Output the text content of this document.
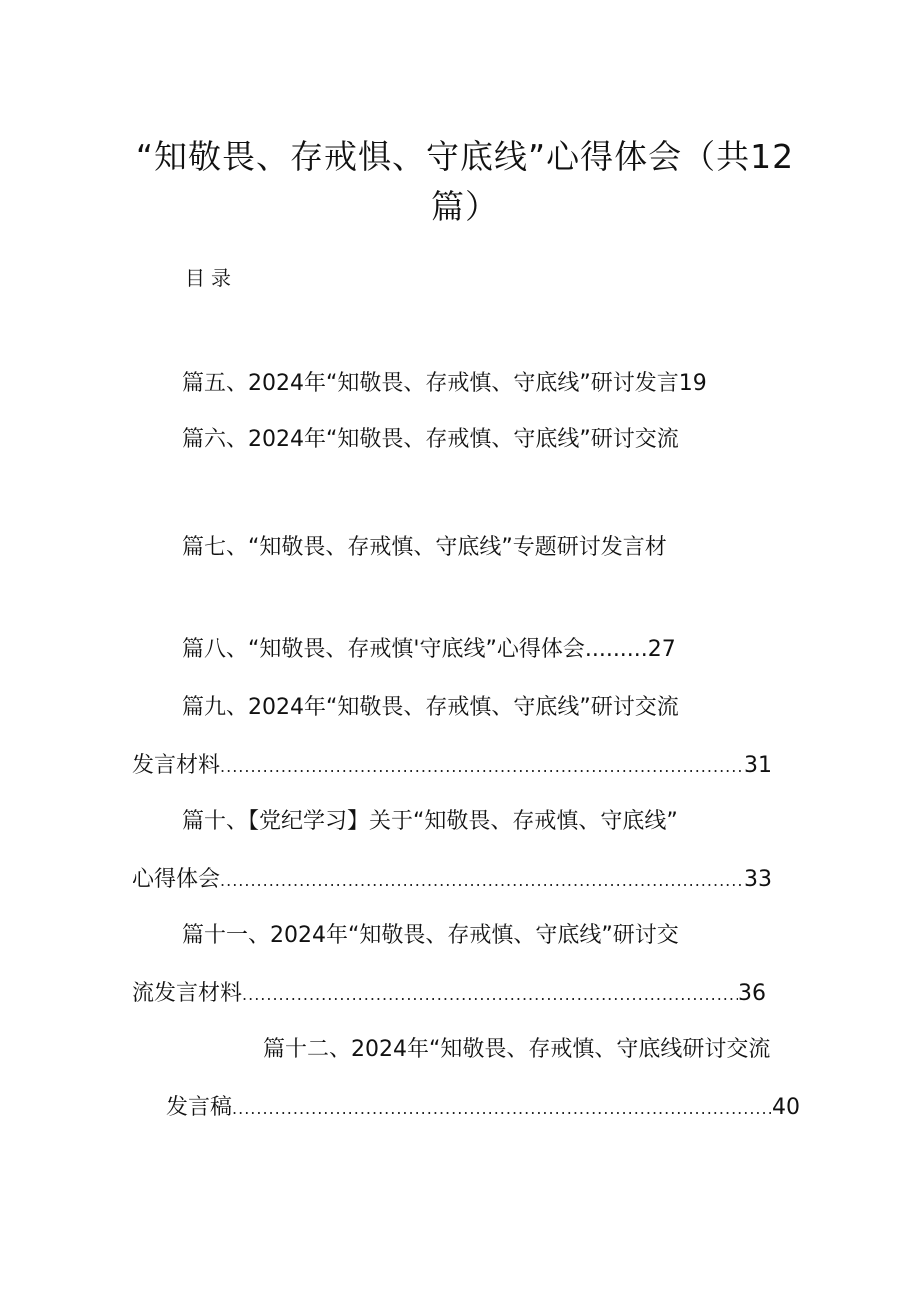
“知敬畏、存戒惧、守底线”心得体会（共12
篇）
目录
篇五、2024年“知敬畏、存戒慎、守底线”研讨发言19
篇六、2024年“知敬畏、存戒慎、守底线”研讨交流
篇七、“知敬畏、存戒慎、守底线”专题研讨发言材
篇八、“知敬畏、存戒慎'守底线”心得体会.........27
篇九、2024年“知敬畏、存戒慎、守底线”研讨交流
发言材料 .....	31
篇十、【党纪学习】关于“知敬畏、存戒慎、守底线”
心得体会 .....	33
篇十一、2024年“知敬畏、存戒慎、守底线”研讨交
流发言材料 .....	36
篇十二、2024年“知敬畏、存戒慎、守底线研讨交流
发言稿 .....	40
